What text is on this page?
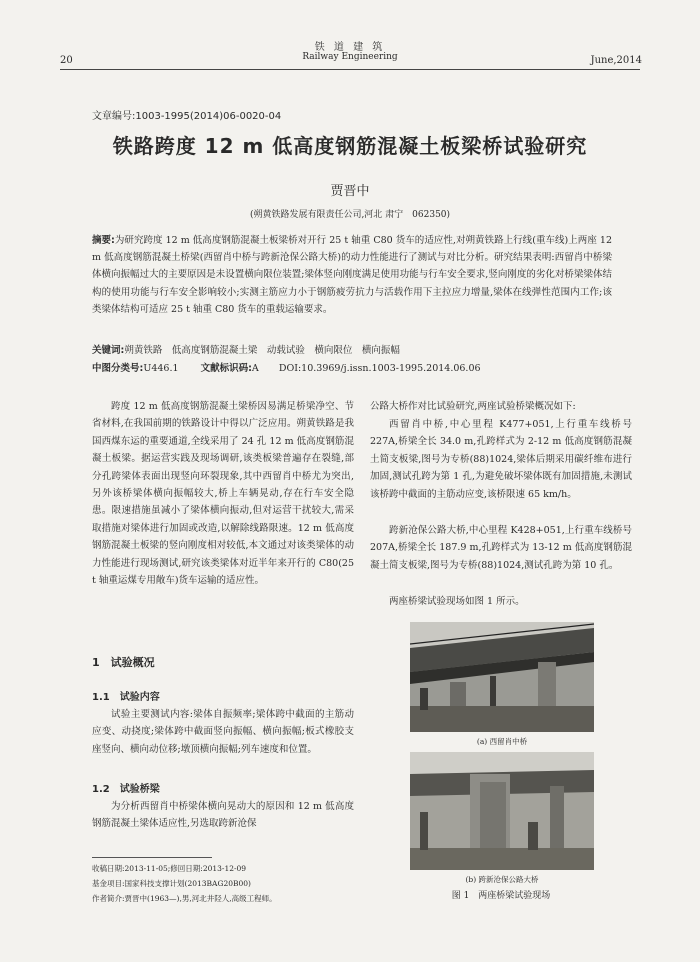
铁 道 建 筑
Railway Engineering
20	June,2014
文章编号:1003-1995(2014)06-0020-04
铁路跨度 12 m 低高度钢筋混凝土板梁桥试验研究
贾晋中
(朔黄铁路发展有限责任公司,河北 肃宁　062350)
摘要:为研究跨度 12 m 低高度钢筋混凝土板梁桥对开行 25 t 轴重 C80 货车的适应性,对朔黄铁路上行线(重车线)上两座 12 m 低高度钢筋混凝土桥梁(西留肖中桥与跨新沧保公路大桥)的动力性能进行了测试与对比分析。研究结果表明:西留肖中桥梁体横向振幅过大的主要原因是未设置横向限位装置;梁体竖向刚度满足使用功能与行车安全要求,竖向刚度的劣化对桥梁梁体结构的使用功能与行车安全影响较小;实测主筋应力小于钢筋疲劳抗力与活载作用下主拉应力增量,梁体在线弹性范围内工作;该类梁体结构可适应 25 t 轴重 C80 货车的重载运输要求。
关键词:朔黄铁路　低高度钢筋混凝土梁　动载试验　横向限位　横向振幅
中图分类号:U446.1 文献标识码:A DOI:10.3969/j.issn.1003-1995.2014.06.06
跨度 12 m 低高度钢筋混凝土梁桥因易满足桥梁净空、节省材料,在我国前期的铁路设计中得以广泛应用。朔黄铁路是我国西煤东运的重要通道,全线采用了 24 孔 12 m 低高度钢筋混凝土板梁。据运营实践及现场调研,该类板梁普遍存在裂缝,部分孔跨梁体表面出现竖向环裂现象,其中西留肖中桥尤为突出,另外该桥梁体横向振幅较大,桥上车辆晃动,存在行车安全隐患。限速措施虽减小了梁体横向振动,但对运营干扰较大,需采取措施对梁体进行加固或改造,以解除线路限速。12 m 低高度钢筋混凝土板梁的竖向刚度相对较低,本文通过对该类梁体的动力性能进行现场测试,研究该类梁体对近半年来开行的 C80(25 t 轴重运煤专用敞车)货车运输的适应性。
1　试验概况
1.1　试验内容
试验主要测试内容:梁体自振频率;梁体跨中截面的主筋动应变、动挠度;梁体跨中截面竖向振幅、横向振幅;板式橡胶支座竖向、横向动位移;墩顶横向振幅;列车速度和位置。
1.2　试验桥梁
为分析西留肖中桥梁体横向晃动大的原因和 12 m 低高度钢筋混凝土梁体适应性,另选取跨新沧保
收稿日期:2013-11-05;修回日期:2013-12-09
基金项目:国家科技支撑计划(2013BAG20B00)
作者简介:贾晋中(1963—),男,河北井陉人,高级工程师。
公路大桥作对比试验研究,两座试验桥梁概况如下:
西留肖中桥,中心里程 K477+051,上行重车线桥号 227A,桥梁全长 34.0 m,孔跨样式为 2-12 m 低高度钢筋混凝土简支板梁,图号为专桥(88)1024,梁体后期采用碳纤维布进行加固,测试孔跨为第 1 孔,为避免破坏梁体既有加固措施,未测试该桥跨中截面的主筋动应变,该桥限速 65 km/h。
跨新沧保公路大桥,中心里程 K428+051,上行重车线桥号 207A,桥梁全长 187.9 m,孔跨样式为 13-12 m 低高度钢筋混凝土简支板梁,图号为专桥(88)1024,测试孔跨为第 10 孔。
两座桥梁试验现场如图 1 所示。
(a) 西留肖中桥
(b) 跨新沧保公路大桥
图 1　两座桥梁试验现场
